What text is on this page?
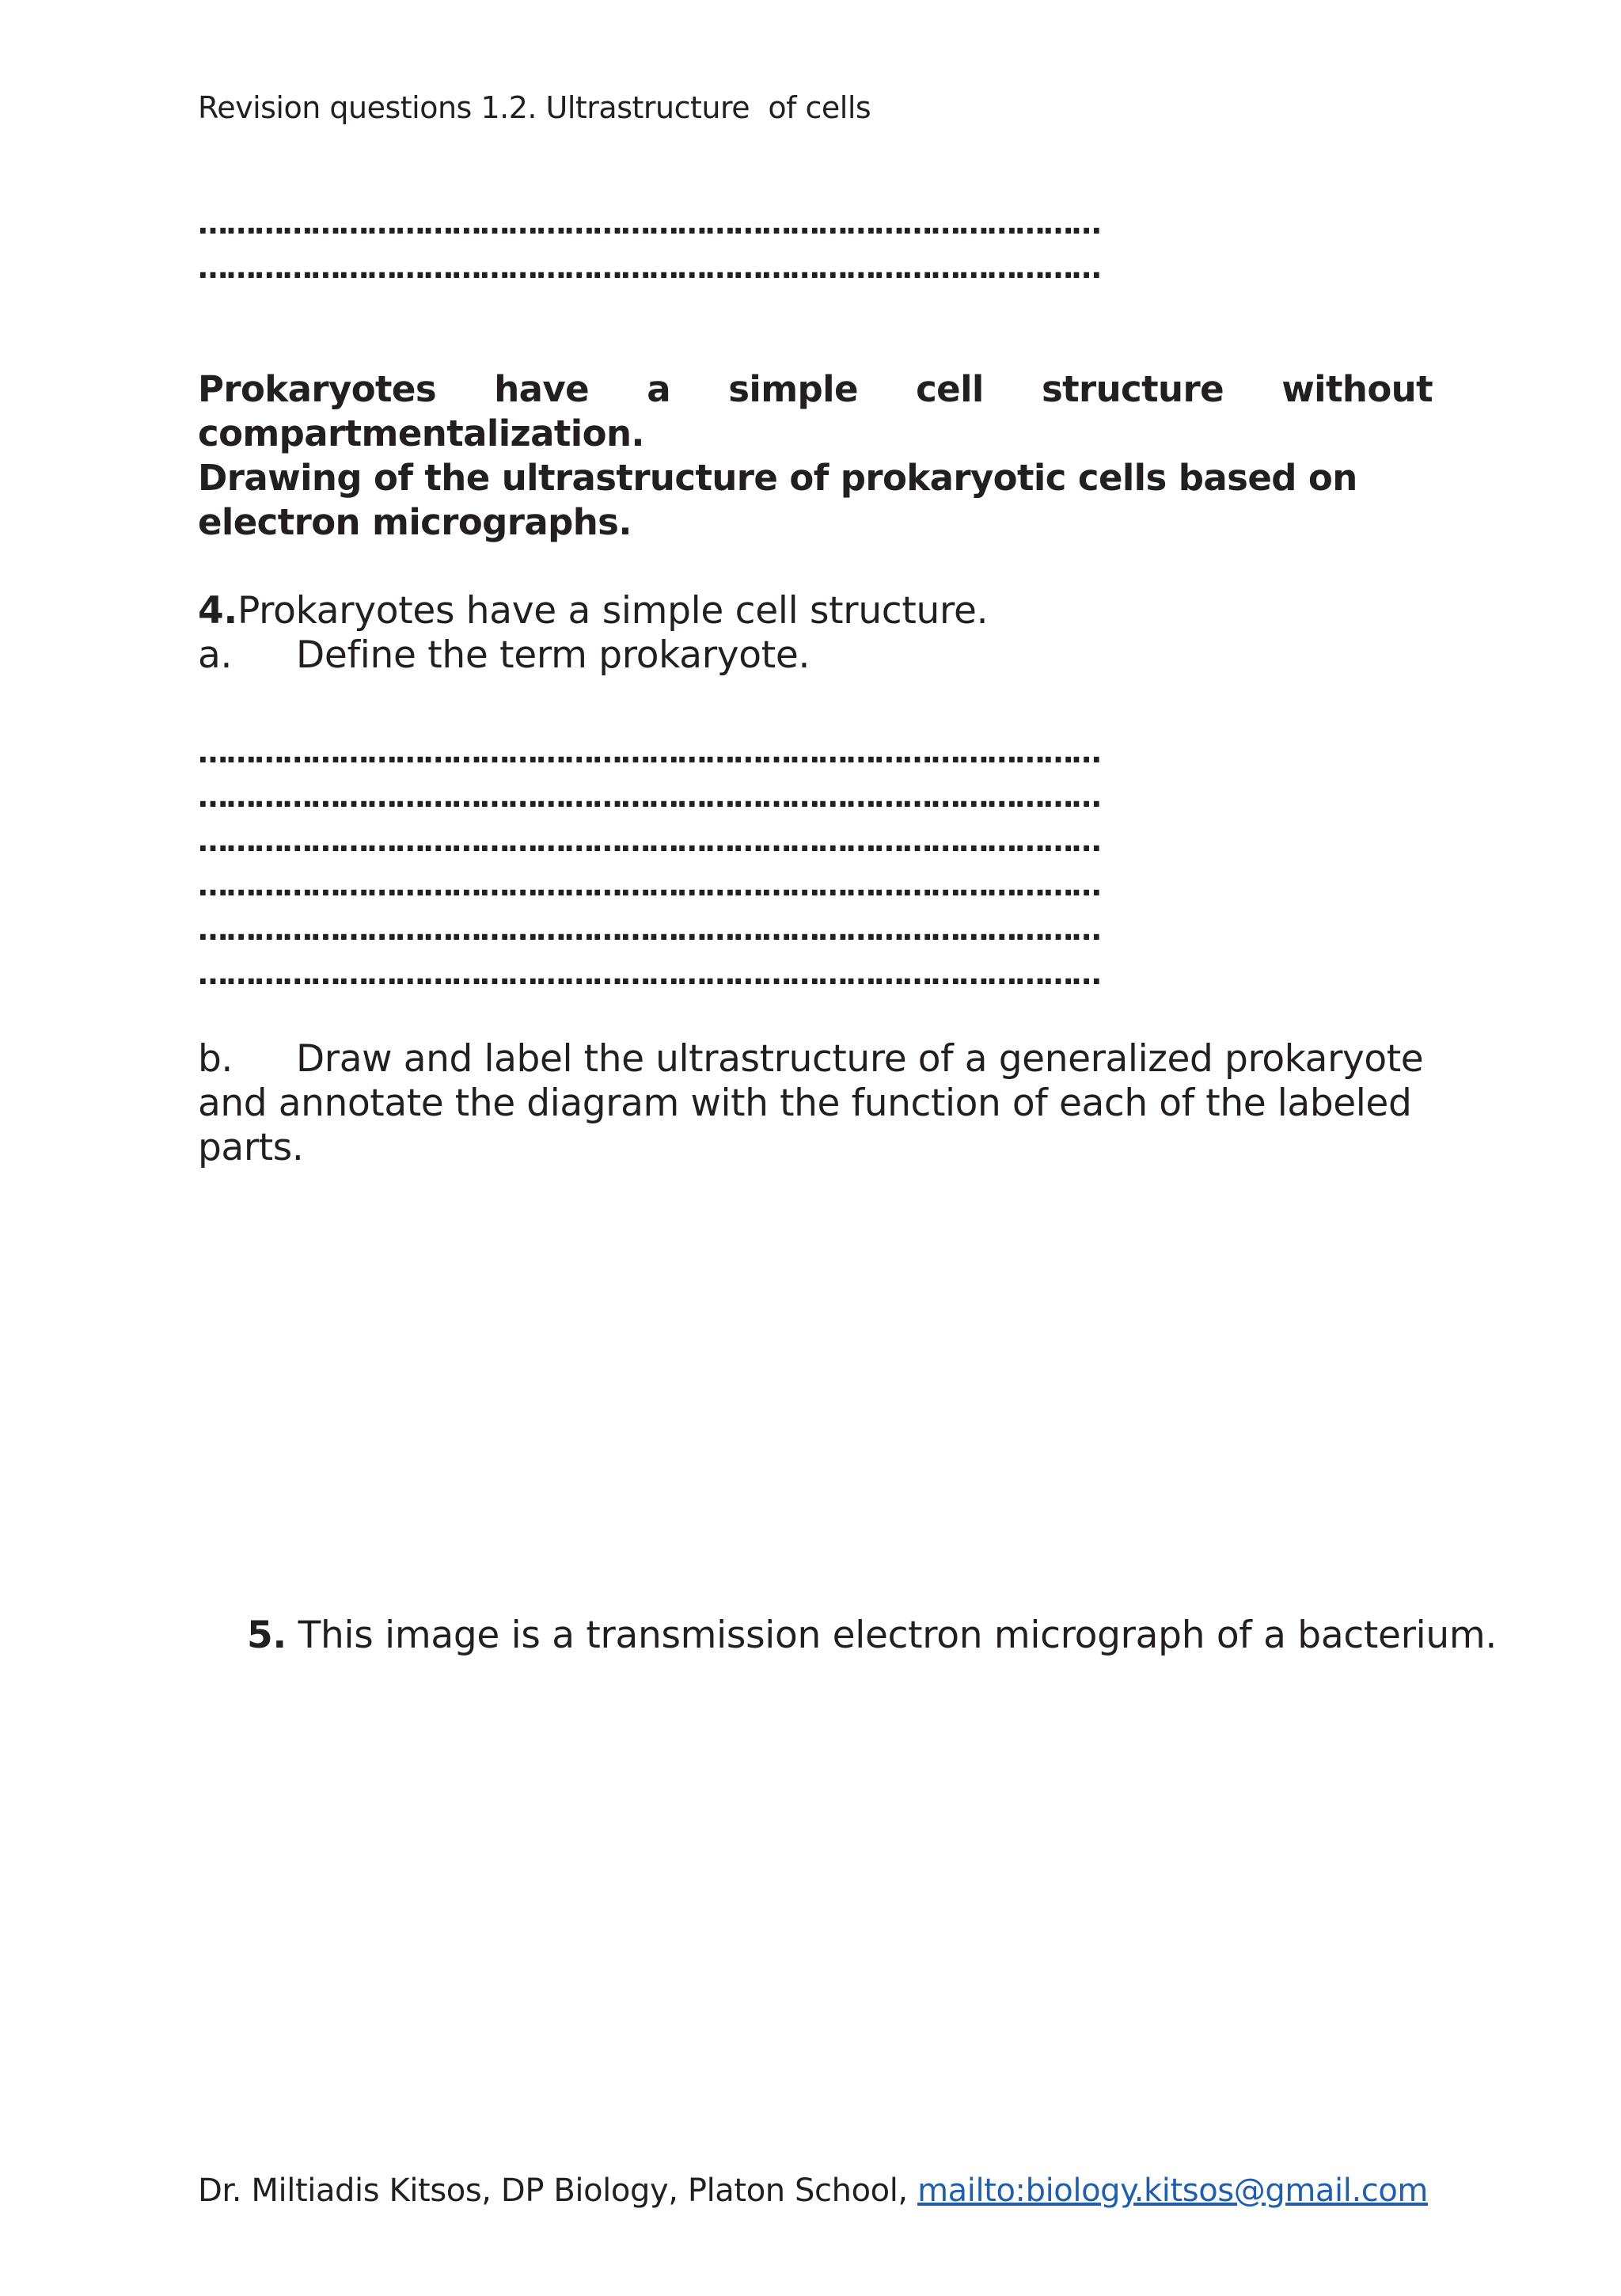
Revision questions 1.2. Ultrastructure  of cells
……………………………………………………………………………………
……………………………………………………………………………………
Prokaryotes have a simple cell structure without
compartmentalization.
Drawing of the ultrastructure of prokaryotic cells based on electron micrographs.
4.Prokaryotes have a simple cell structure.
a. Define the term prokaryote.
……………………………………………………………………………………
……………………………………………………………………………………
……………………………………………………………………………………
……………………………………………………………………………………
……………………………………………………………………………………
……………………………………………………………………………………
b. Draw and label the ultrastructure of a generalized prokaryote and annotate the diagram with the function of each of the labeled parts.
5. This image is a transmission electron micrograph of a bacterium.
Dr. Miltiadis Kitsos, DP Biology, Platon School, mailto:biology.kitsos@gmail.com
